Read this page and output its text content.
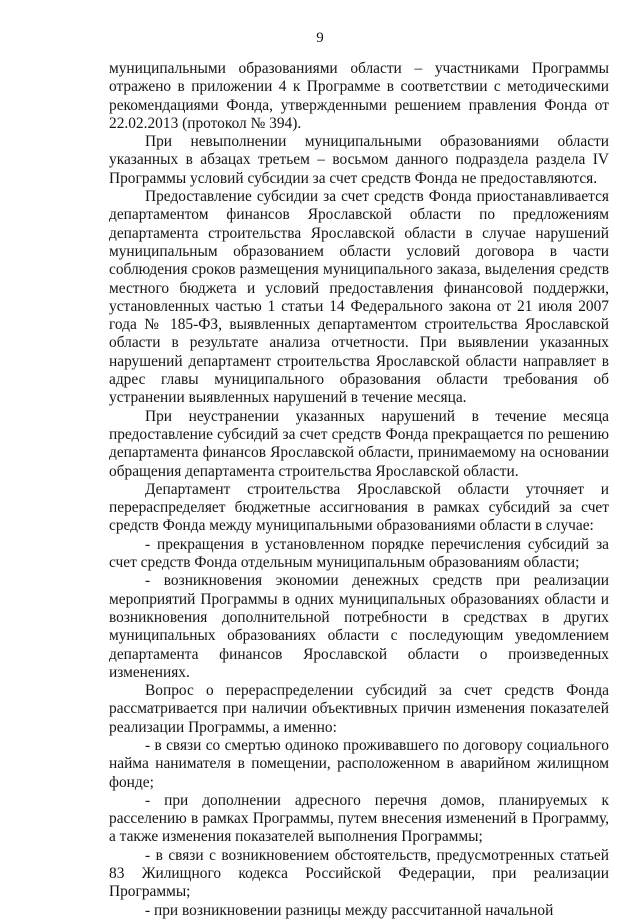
9

муниципальными образованиями области – участниками Программы отражено в приложении 4 к Программе в соответствии с методическими рекомендациями Фонда, утвержденными решением правления Фонда от 22.02.2013 (протокол № 394).

При невыполнении муниципальными образованиями области указанных в абзацах третьем – восьмом данного подраздела раздела IV Программы условий субсидии за счет средств Фонда не предоставляются.

Предоставление субсидии за счет средств Фонда приостанавливается департаментом финансов Ярославской области по предложениям департамента строительства Ярославской области в случае нарушений муниципальным образованием области условий договора в части соблюдения сроков размещения муниципального заказа, выделения средств местного бюджета и условий предоставления финансовой поддержки, установленных частью 1 статьи 14 Федерального закона от 21 июля 2007 года № 185-ФЗ, выявленных департаментом строительства Ярославской области в результате анализа отчетности. При выявлении указанных нарушений департамент строительства Ярославской области направляет в адрес главы муниципального образования области требования об устранении выявленных нарушений в течение месяца.

При неустранении указанных нарушений в течение месяца предоставление субсидий за счет средств Фонда прекращается по решению департамента финансов Ярославской области, принимаемому на основании обращения департамента строительства Ярославской области.

Департамент строительства Ярославской области уточняет и перераспределяет бюджетные ассигнования в рамках субсидий за счет средств Фонда между муниципальными образованиями области в случае:

- прекращения в установленном порядке перечисления субсидий за счет средств Фонда отдельным муниципальным образованиям области;

- возникновения экономии денежных средств при реализации мероприятий Программы в одних муниципальных образованиях области и возникновения дополнительной потребности в средствах в других муниципальных образованиях области с последующим уведомлением департамента финансов Ярославской области о произведенных изменениях.

Вопрос о перераспределении субсидий за счет средств Фонда рассматривается при наличии объективных причин изменения показателей реализации Программы, а именно:

- в связи со смертью одиноко проживавшего по договору социального найма нанимателя в помещении, расположенном в аварийном жилищном фонде;

- при дополнении адресного перечня домов, планируемых к расселению в рамках Программы, путем внесения изменений в Программу, а также изменения показателей выполнения Программы;

- в связи с возникновением обстоятельств, предусмотренных статьей 83 Жилищного кодекса Российской Федерации, при реализации Программы;

- при возникновении разницы между рассчитанной начальной
